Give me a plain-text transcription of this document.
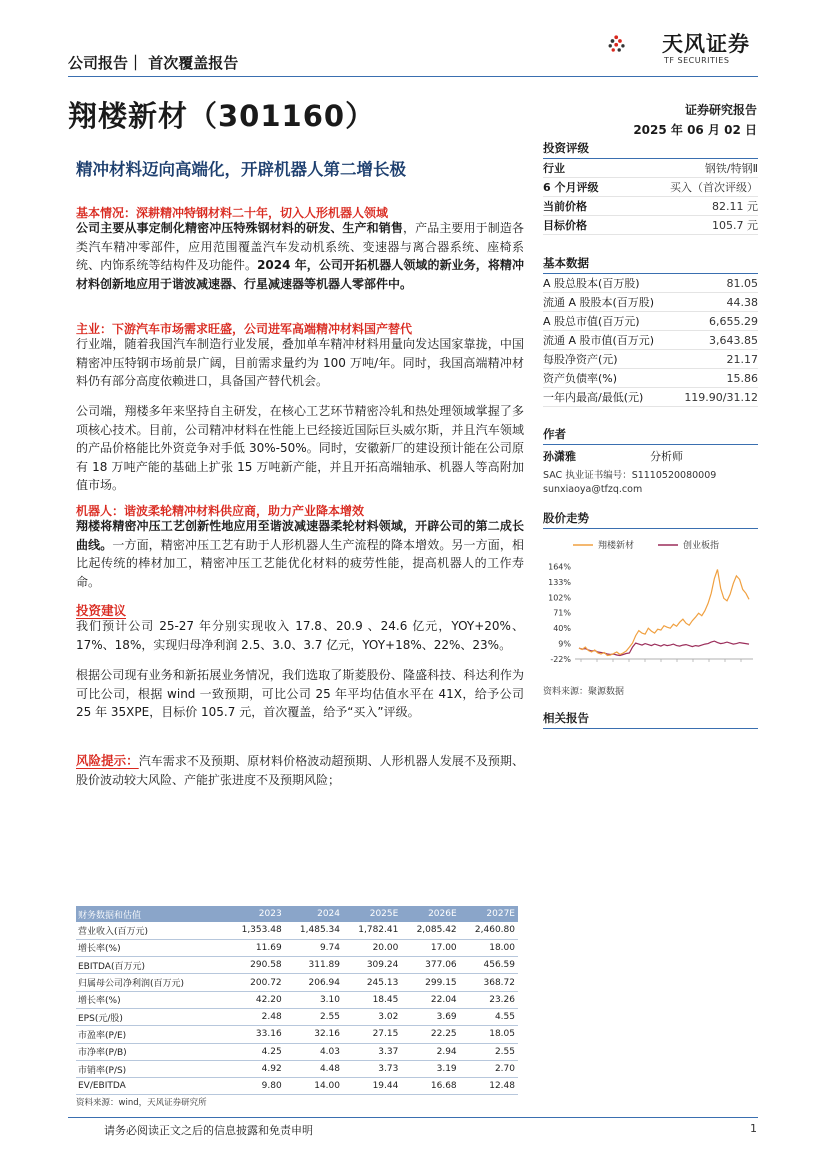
公司报告｜ 首次覆盖报告
天风证券
TF SECURITIES
翔楼新材（301160）	证券研究报告
2025 年 06 月 02 日
精冲材料迈向高端化，开辟机器人第二增长极
基本情况：深耕精冲特钢材料二十年，切入人形机器人领域
公司主要从事定制化精密冲压特殊钢材料的研发、生产和销售，产品主要用于制造各类汽车精冲零部件，应用范围覆盖汽车发动机系统、变速器与离合器系统、座椅系统、内饰系统等结构件及功能件。2024 年，公司开拓机器人领域的新业务，将精冲材料创新地应用于谐波减速器、行星减速器等机器人零部件中。
主业：下游汽车市场需求旺盛，公司进军高端精冲材料国产替代
行业端，随着我国汽车制造行业发展，叠加单车精冲材料用量向发达国家靠拢，中国精密冲压特钢市场前景广阔，目前需求量约为 100 万吨/年。同时，我国高端精冲材料仍有部分高度依赖进口，具备国产替代机会。
公司端，翔楼多年来坚持自主研发，在核心工艺环节精密冷轧和热处理领域掌握了多项核心技术。目前，公司精冲材料在性能上已经接近国际巨头威尔斯，并且汽车领域的产品价格能比外资竞争对手低 30%-50%。同时，安徽新厂的建设预计能在公司原有 18 万吨产能的基础上扩张 15 万吨新产能，并且开拓高端轴承、机器人等高附加值市场。
机器人：谐波柔轮精冲材料供应商，助力产业降本增效
翔楼将精密冲压工艺创新性地应用至谐波减速器柔轮材料领域，开辟公司的第二成长曲线。一方面，精密冲压工艺有助于人形机器人生产流程的降本增效。另一方面，相比起传统的棒材加工，精密冲压工艺能优化材料的疲劳性能，提高机器人的工作寿命。
投资建议
我们预计公司 25-27 年分别实现收入 17.8、20.9 、24.6 亿元，YOY+20%、17%、18%，实现归母净利润 2.5、3.0、3.7 亿元，YOY+18%、22%、23%。
根据公司现有业务和新拓展业务情况，我们选取了斯菱股份、隆盛科技、科达利作为可比公司，根据 wind 一致预期，可比公司 25 年平均估值水平在 41X，给予公司 25 年 35XPE，目标价 105.7 元，首次覆盖，给予“买入”评级。
风险提示：汽车需求不及预期、原材料价格波动超预期、人形机器人发展不及预期、股价波动较大风险、产能扩张进度不及预期风险；
投资评级
行业	钢铁/特钢Ⅱ
6 个月评级	买入（首次评级）
当前价格	82.11 元
目标价格	105.7 元
基本数据
A 股总股本(百万股)	81.05
流通 A 股股本(百万股)	44.38
A 股总市值(百万元)	6,655.29
流通 A 股市值(百万元)	3,643.85
每股净资产(元)	21.17
资产负债率(%)	15.86
一年内最高/最低(元)	119.90/31.12
作者
孙潇雅	分析师
SAC 执业证书编号：S1110520080009
sunxiaoya@tfzq.com
股价走势
翔楼新材	创业板指
164%
133%
102%
71%
40%
9%
-22%
资料来源：聚源数据
相关报告
财务数据和估值	2023	2024	2025E	2026E	2027E
营业收入(百万元)	1,353.48	1,485.34	1,782.41	2,085.42	2,460.80
增长率(%)	11.69	9.74	20.00	17.00	18.00
EBITDA(百万元)	290.58	311.89	309.24	377.06	456.59
归属母公司净利润(百万元)	200.72	206.94	245.13	299.15	368.72
增长率(%)	42.20	3.10	18.45	22.04	23.26
EPS(元/股)	2.48	2.55	3.02	3.69	4.55
市盈率(P/E)	33.16	32.16	27.15	22.25	18.05
市净率(P/B)	4.25	4.03	3.37	2.94	2.55
市销率(P/S)	4.92	4.48	3.73	3.19	2.70
EV/EBITDA	9.80	14.00	19.44	16.68	12.48
资料来源：wind，天风证券研究所
请务必阅读正文之后的信息披露和免责申明	1
